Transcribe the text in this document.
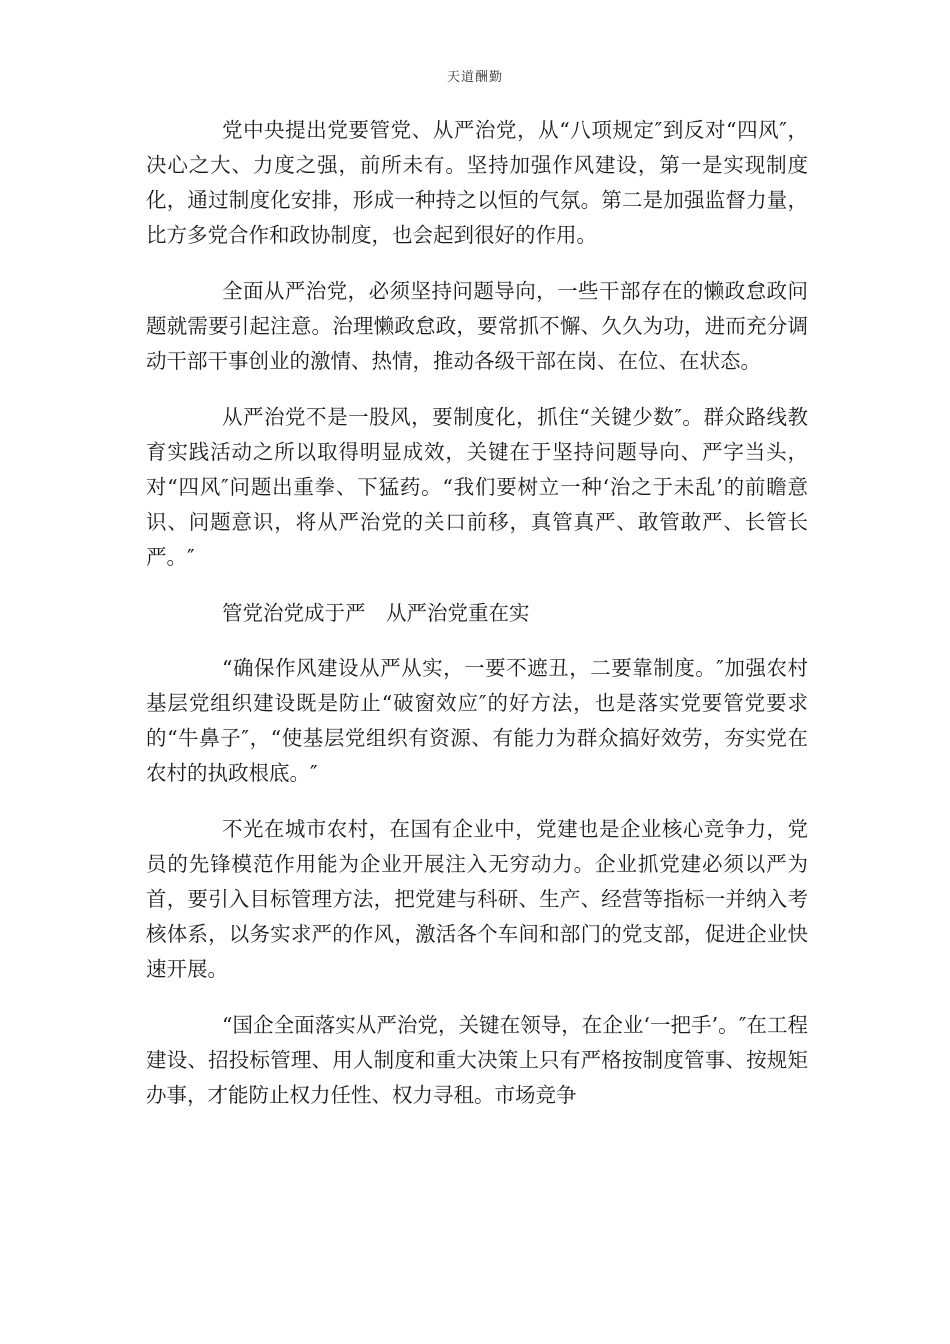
天道酬勤

党中央提出党要管党、从严治党，从“八项规定″到反对“四风″，决心之大、力度之强，前所未有。坚持加强作风建设，第一是实现制度化，通过制度化安排，形成一种持之以恒的气氛。第二是加强监督力量，比方多党合作和政协制度，也会起到很好的作用。

全面从严治党，必须坚持问题导向，一些干部存在的懒政怠政问题就需要引起注意。治理懒政怠政，要常抓不懈、久久为功，进而充分调动干部干事创业的激情、热情，推动各级干部在岗、在位、在状态。

从严治党不是一股风，要制度化，抓住“关键少数″。群众路线教育实践活动之所以取得明显成效，关键在于坚持问题导向、严字当头，对“四风″问题出重拳、下猛药。“我们要树立一种‘治之于未乱’的前瞻意识、问题意识，将从严治党的关口前移，真管真严、敢管敢严、长管长严。″

管党治党成于严　从严治党重在实

“确保作风建设从严从实，一要不遮丑，二要靠制度。″加强农村基层党组织建设既是防止“破窗效应″的好方法，也是落实党要管党要求的“牛鼻子″，“使基层党组织有资源、有能力为群众搞好效劳，夯实党在农村的执政根底。″

不光在城市农村，在国有企业中，党建也是企业核心竞争力，党员的先锋模范作用能为企业开展注入无穷动力。企业抓党建必须以严为首，要引入目标管理方法，把党建与科研、生产、经营等指标一并纳入考核体系，以务实求严的作风，激活各个车间和部门的党支部，促进企业快速开展。

“国企全面落实从严治党，关键在领导，在企业‘一把手’。″在工程建设、招投标管理、用人制度和重大决策上只有严格按制度管事、按规矩办事，才能防止权力任性、权力寻租。市场竞争
